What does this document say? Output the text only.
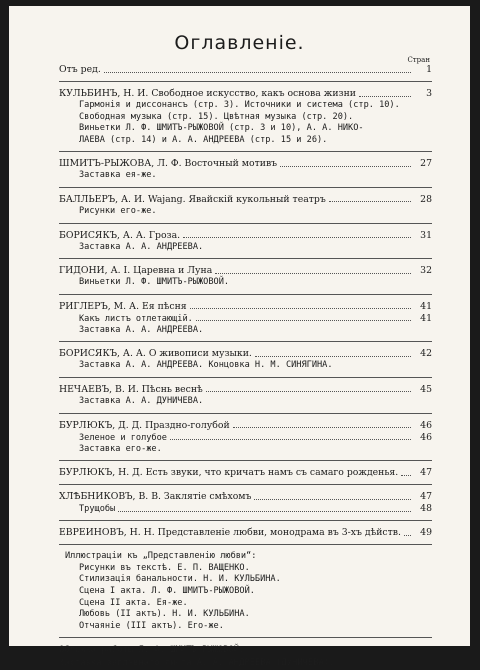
Оглавленіе.
Стран
Отъ ред.	1
КУЛЬБИНЪ, Н. И. Свободное искусство, какъ основа жизни	3
Гармонія и диссонансъ (стр. 3). Источники и система (стр. 10).
Свободная музыка (стр. 15). Цвѣтная музыка (стр. 20).
Виньетки Л. Ф. ШМИТЪ-РЫЖОВОЙ (стр. 3 и 10), А. А. НИКО-
ЛАЕВА (стр. 14) и А. А. АНДРЕЕВА (стр. 15 и 26).
ШМИТЪ-РЫЖОВА, Л. Ф. Восточный мотивъ	27
Заставка ея-же.
БАЛЛЬЕРЪ, А. И. Wajang. Явайскій кукольный театръ	28
Рисунки его-же.
БОРИСЯКЪ, А. А. Гроза.	31
Заставка А. А. АНДРЕЕВА.
ГИДОНИ, А. I. Царевна и Луна	32
Виньетки Л. Ф. ШМИТЪ-РЫЖОВОЙ.
РИГЛЕРЪ, М. А. Ея пѣсня	41
Какъ листъ отлетающій.	41
Заставка А. А. АНДРЕЕВА.
БОРИСЯКЪ, А. А. О живописи музыки.	42
Заставка А. А. АНДРЕЕВА. Концовка Н. М. СИНЯГИНА.
НЕЧАЕВЪ, В. И. Пѣснь веснѣ	45
Заставка А. А. ДУНИЧЕВА.
БУРЛЮКЪ, Д. Д. Праздно-голубой	46
Зеленое и голубое	46
Заставка его-же.
БУРЛЮКЪ, Н. Д. Есть звуки, что кричатъ намъ съ самаго рожденья.	47
ХЛѢБНИКОВЪ, В. В. Заклятіе смѣхомъ	47
Трущобы	48
ЕВРЕИНОВЪ, Н. Н. Представленіе любви, монодрама въ 3-хъ дѣйств.	49
Иллюстраціи къ „Представленію любви“:
Рисунки въ текстѣ. Е. П. ВАЩЕНКО.
Стилизація банальности. Н. И. КУЛЬБИНА.
Сцена I акта. Л. Ф. ШМИТЪ-РЫЖОВОЙ.
Сцена II акта. Ея-же.
Любовь (II актъ). Н. И. КУЛЬБИНА.
Отчаяніе (III актъ). Его-же.
Обложка работы Л. Ф. ШМИТЪ-РЫЖОВОЙ.
Заставка заглавнаго листа А. А. АНДРЕЕВА (ДУНИЧЕВА).
